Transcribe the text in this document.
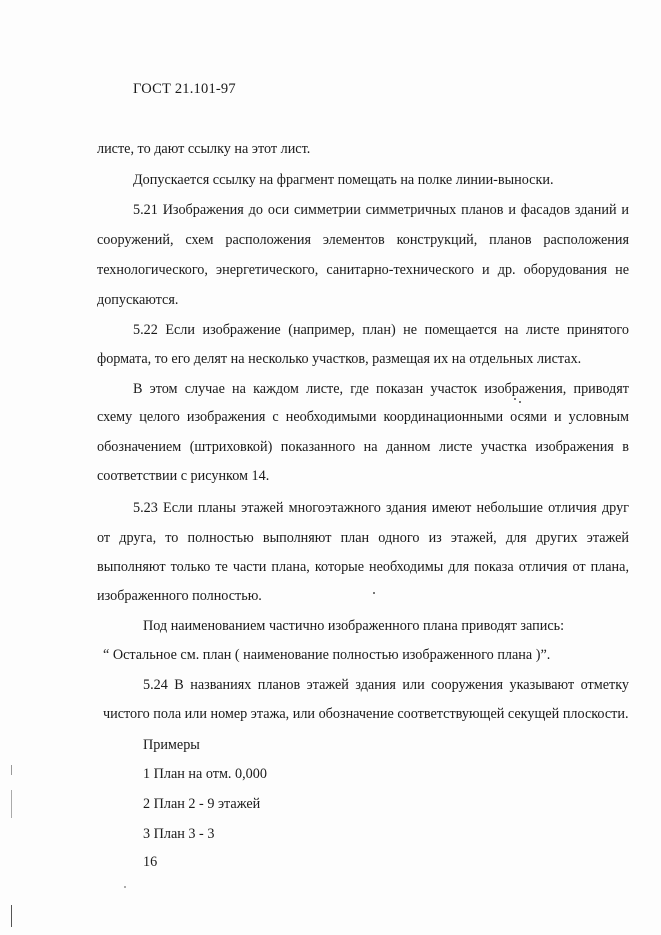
ГОСТ 21.101-97
листе, то дают ссылку на этот лист.
Допускается ссылку на фрагмент помещать на полке линии-выноски.
5.21 Изображения до оси симметрии симметричных планов и фасадов зданий и
сооружений, схем расположения элементов конструкций, планов расположения
технологического, энергетического, санитарно-технического и др. оборудования не
допускаются.
5.22 Если изображение (например, план) не помещается на листе принятого
формата, то его делят на несколько участков, размещая их на отдельных листах.
В этом случае на каждом листе, где показан участок изображения, приводят
схему целого изображения с необходимыми координационными осями и условным
обозначением (штриховкой) показанного на данном листе участка изображения в
соответствии с рисунком 14.
5.23 Если планы этажей многоэтажного здания имеют небольшие отличия друг
от друга, то полностью выполняют план одного из этажей, для других этажей
выполняют только те части плана, которые необходимы для показа отличия от плана,
изображенного полностью.
Под наименованием частично изображенного плана приводят запись:
“ Остальное см. план ( наименование полностью изображенного плана )”.
5.24 В названиях планов этажей здания или сооружения указывают отметку
чистого пола или номер этажа, или обозначение соответствующей секущей плоскости.
Примеры
1 План на отм. 0,000
2 План 2 - 9 этажей
3 План 3 - 3
16
